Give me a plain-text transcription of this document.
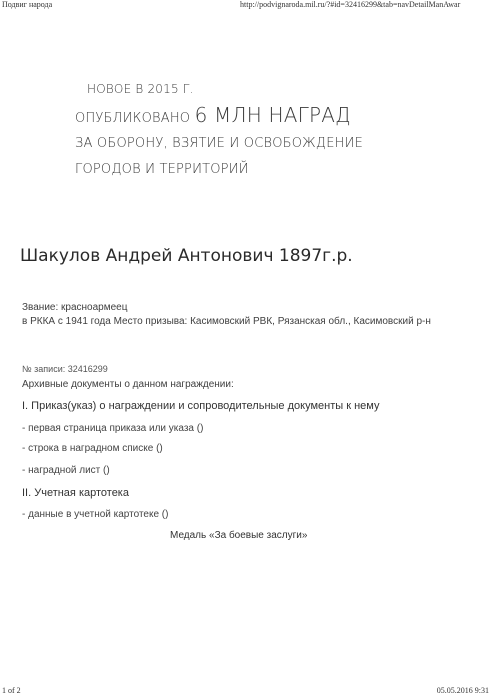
Подвиг народа	http://podvignaroda.mil.ru/?#id=32416299&tab=navDetailManAwar
НОВОЕ В 2015 Г.
ОПУБЛИКОВАНО 6 МЛН НАГРАД
ЗА ОБОРОНУ, ВЗЯТИЕ И ОСВОБОЖДЕНИЕ
ГОРОДОВ И ТЕРРИТОРИЙ
Шакулов Андрей Антонович 1897г.р.
Звание: красноармеец
в РККА с 1941 года Место призыва: Касимовский РВК, Рязанская обл., Касимовский р-н
№ записи: 32416299
Архивные документы о данном награждении:
I. Приказ(указ) о награждении и сопроводительные документы к нему
- первая страница приказа или указа ()
- строка в наградном списке ()
- наградной лист ()
II. Учетная картотека
- данные в учетной картотеке ()
Медаль «За боевые заслуги»
1 of 2	05.05.2016 9:31
